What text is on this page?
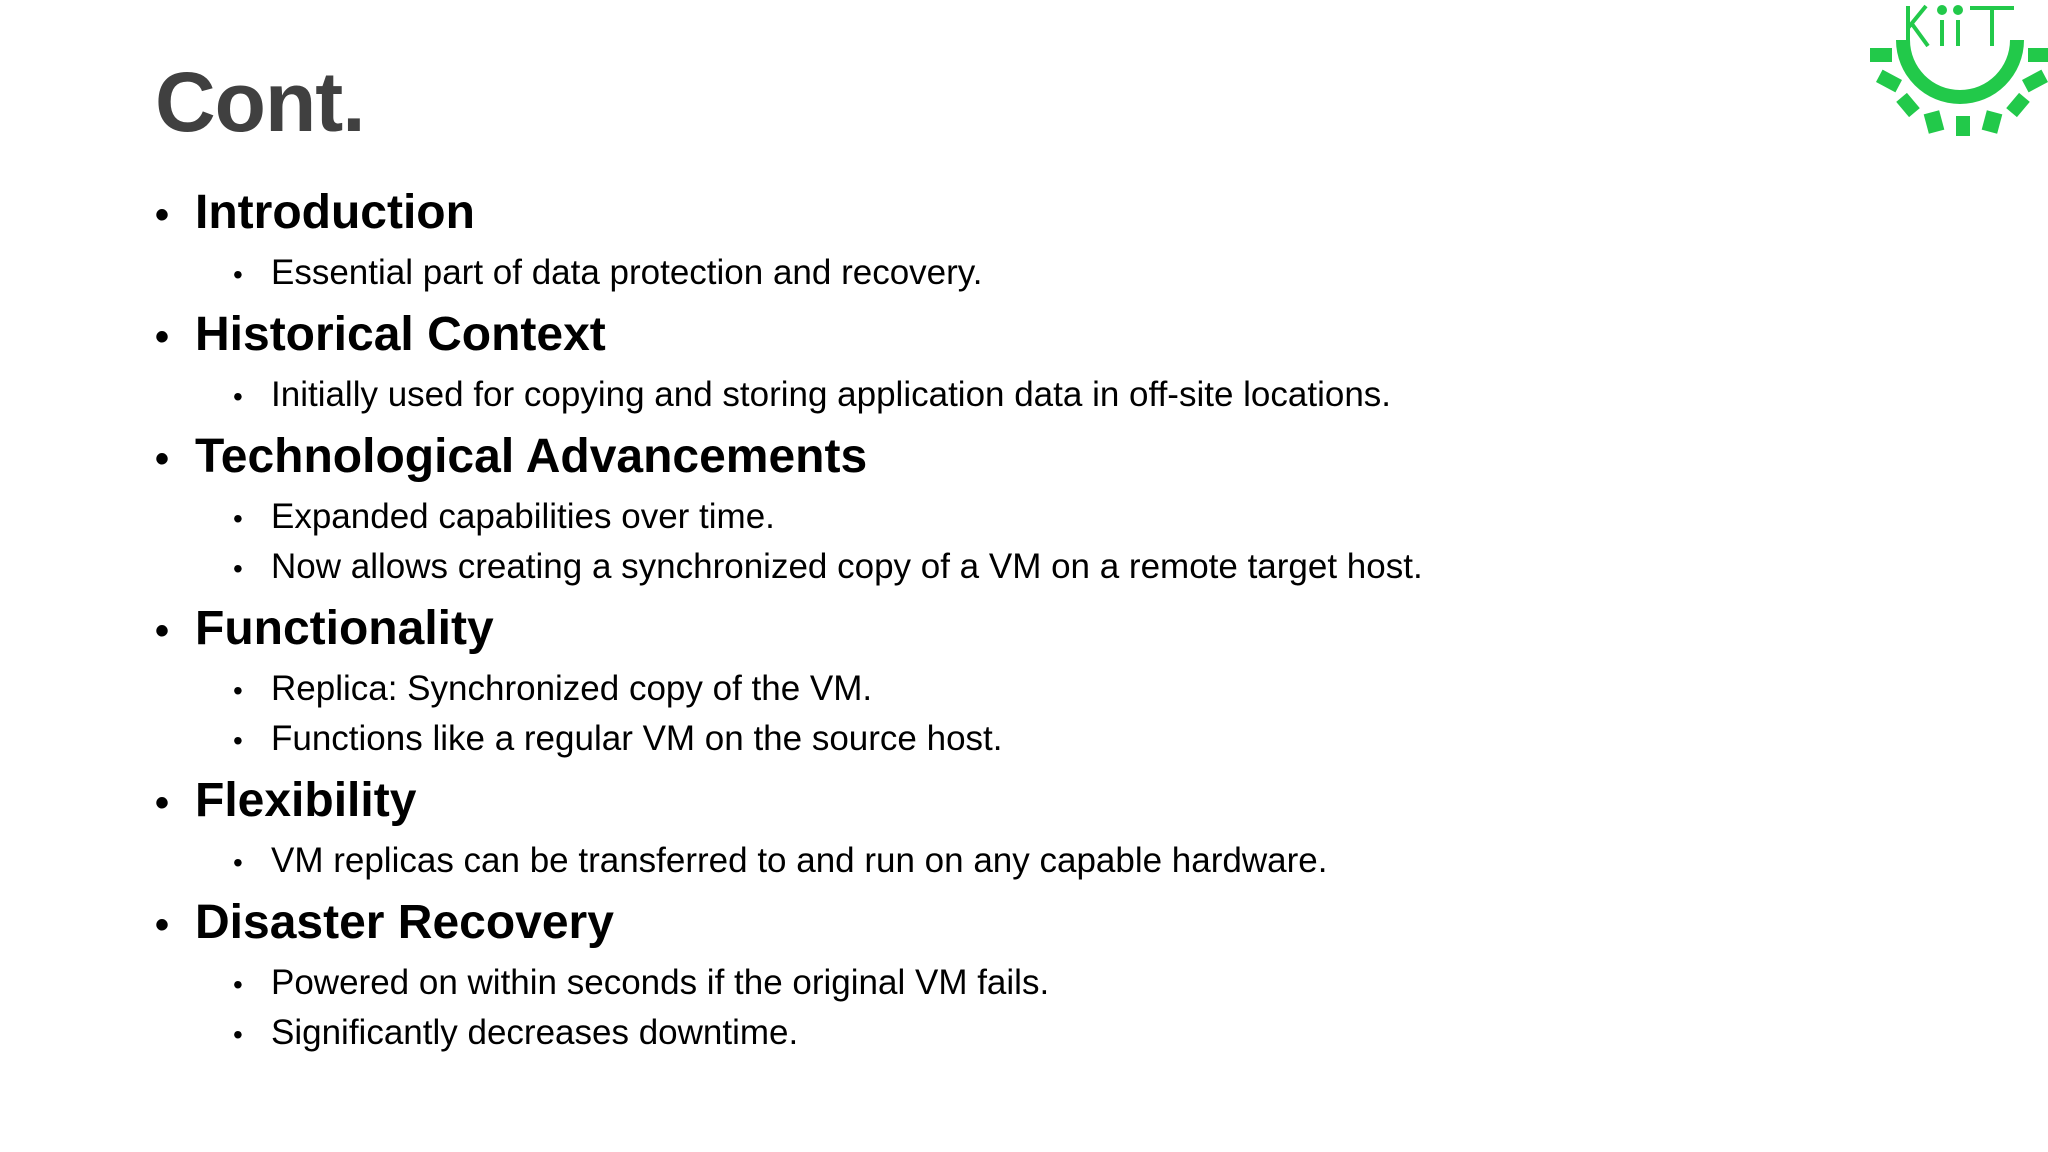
Cont.
• Introduction
• Essential part of data protection and recovery.
• Historical Context
• Initially used for copying and storing application data in off-site locations.
• Technological Advancements
• Expanded capabilities over time.
• Now allows creating a synchronized copy of a VM on a remote target host.
• Functionality
• Replica: Synchronized copy of the VM.
• Functions like a regular VM on the source host.
• Flexibility
• VM replicas can be transferred to and run on any capable hardware.
• Disaster Recovery
• Powered on within seconds if the original VM fails.
• Significantly decreases downtime.
